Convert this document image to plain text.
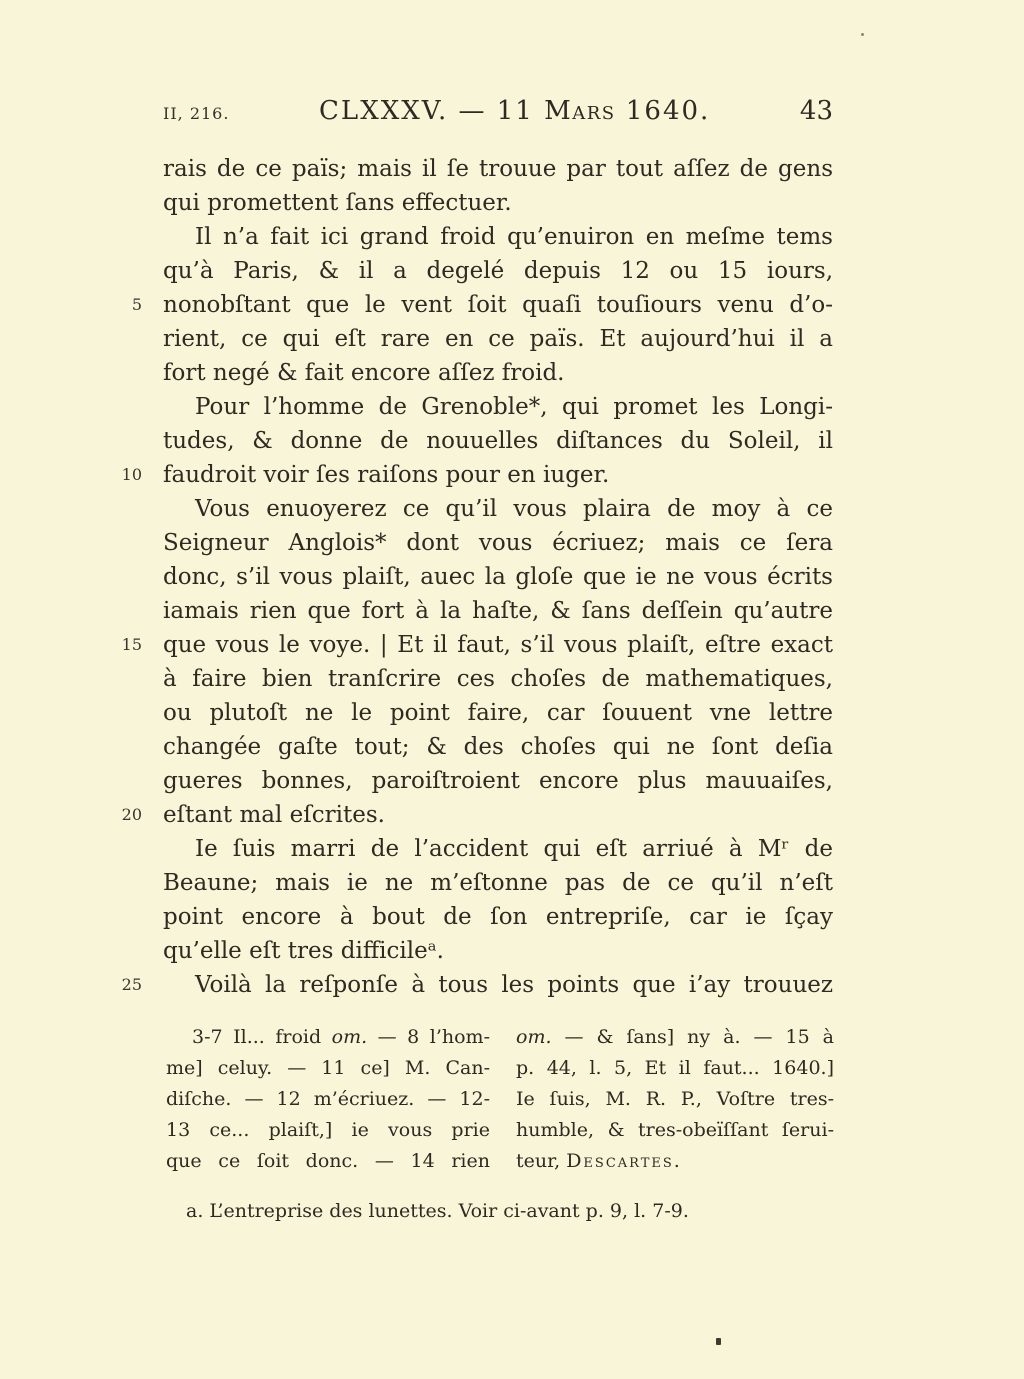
II, 216.	CLXXXV. — 11 Mars 1640.	43
5
10
15
20
25
rais de ce païs; mais il ſe trouue par tout aſſez de gens
qui promettent ſans effectuer.
Il n’a fait ici grand froid qu’enuiron en meſme tems
qu’à Paris, & il a degelé depuis 12 ou 15 iours,
nonobſtant que le vent ſoit quaſi touſiours venu d’o-
rient, ce qui eſt rare en ce païs. Et aujourd’hui il a
fort negé & fait encore aſſez froid.
Pour l’homme de Grenoble*, qui promet les Longi-
tudes, & donne de nouuelles diſtances du Soleil, il
faudroit voir ſes raiſons pour en iuger.
Vous enuoyerez ce qu’il vous plaira de moy à ce
Seigneur Anglois* dont vous écriuez; mais ce ſera
donc, s’il vous plaiſt, auec la gloſe que ie ne vous écrits
iamais rien que fort à la haſte, & ſans deſſein qu’autre
que vous le voye. | Et il faut, s’il vous plaiſt, eſtre exact
à faire bien tranſcrire ces choſes de mathematiques,
ou plutoſt ne le point faire, car ſouuent vne lettre
changée gaſte tout; & des choſes qui ne ſont deſia
gueres bonnes, paroiſtroient encore plus mauuaiſes,
eſtant mal eſcrites.
Ie ſuis marri de l’accident qui eſt arriué à Mʳ de
Beaune; mais ie ne m’eſtonne pas de ce qu’il n’eſt
point encore à bout de ſon entrepriſe, car ie ſçay
qu’elle eſt tres difficileᵃ.
Voilà la reſponſe à tous les points que i’ay trouuez
3-7 Il... froid om. — 8 l’hom-
me] celuy. — 11 ce] M. Can-
diſche. — 12 m’écriuez. — 12-
13 ce... plaiſt,] ie vous prie
que ce ſoit donc. — 14 rien
om. — & ſans] ny à. — 15 à
p. 44, l. 5, Et il faut... 1640.]
Ie ſuis, M. R. P., Voſtre tres-
humble, & tres-obeïſſant ſerui-
teur, Descartes.
a. L’entreprise des lunettes. Voir ci-avant p. 9, l. 7-9.
